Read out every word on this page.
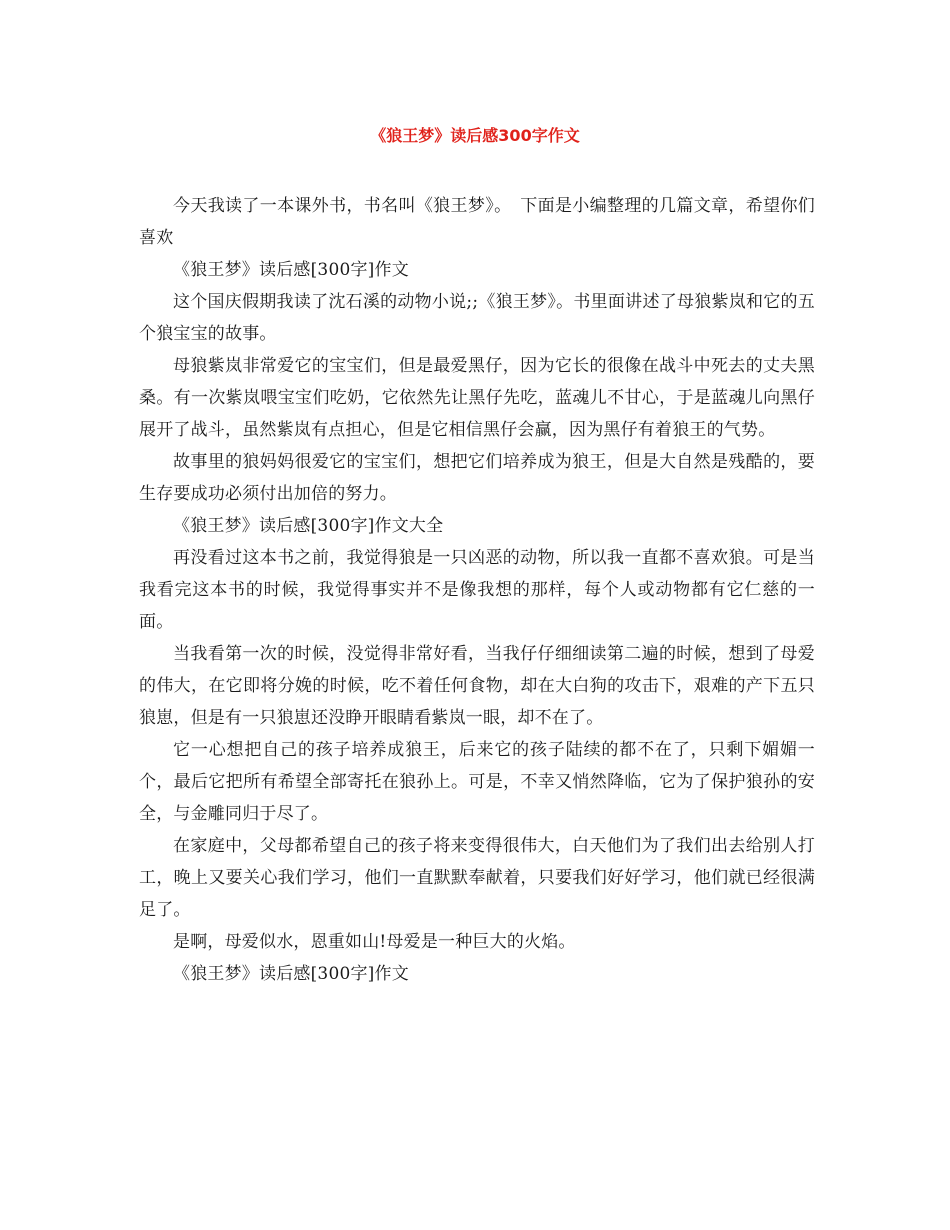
《狼王梦》读后感300字作文

今天我读了一本课外书，书名叫《狼王梦》。　下面是小编整理的几篇文章，希望你们喜欢

《狼王梦》读后感[300字]作文

这个国庆假期我读了沈石溪的动物小说;;《狼王梦》。书里面讲述了母狼紫岚和它的五个狼宝宝的故事。

母狼紫岚非常爱它的宝宝们，但是最爱黑仔，因为它长的很像在战斗中死去的丈夫黑桑。有一次紫岚喂宝宝们吃奶，它依然先让黑仔先吃，蓝魂儿不甘心，于是蓝魂儿向黑仔展开了战斗，虽然紫岚有点担心，但是它相信黑仔会赢，因为黑仔有着狼王的气势。

故事里的狼妈妈很爱它的宝宝们，想把它们培养成为狼王，但是大自然是残酷的，要生存要成功必须付出加倍的努力。

《狼王梦》读后感[300字]作文大全

再没看过这本书之前，我觉得狼是一只凶恶的动物，所以我一直都不喜欢狼。可是当我看完这本书的时候，我觉得事实并不是像我想的那样，每个人或动物都有它仁慈的一面。

当我看第一次的时候，没觉得非常好看，当我仔仔细细读第二遍的时候，想到了母爱的伟大，在它即将分娩的时候，吃不着任何食物，却在大白狗的攻击下，艰难的产下五只狼崽，但是有一只狼崽还没睁开眼睛看紫岚一眼，却不在了。

它一心想把自己的孩子培养成狼王，后来它的孩子陆续的都不在了，只剩下媚媚一个，最后它把所有希望全部寄托在狼孙上。可是，不幸又悄然降临，它为了保护狼孙的安全，与金雕同归于尽了。

在家庭中，父母都希望自己的孩子将来变得很伟大，白天他们为了我们出去给别人打工，晚上又要关心我们学习，他们一直默默奉献着，只要我们好好学习，他们就已经很满足了。

是啊，母爱似水，恩重如山!母爱是一种巨大的火焰。

《狼王梦》读后感[300字]作文
